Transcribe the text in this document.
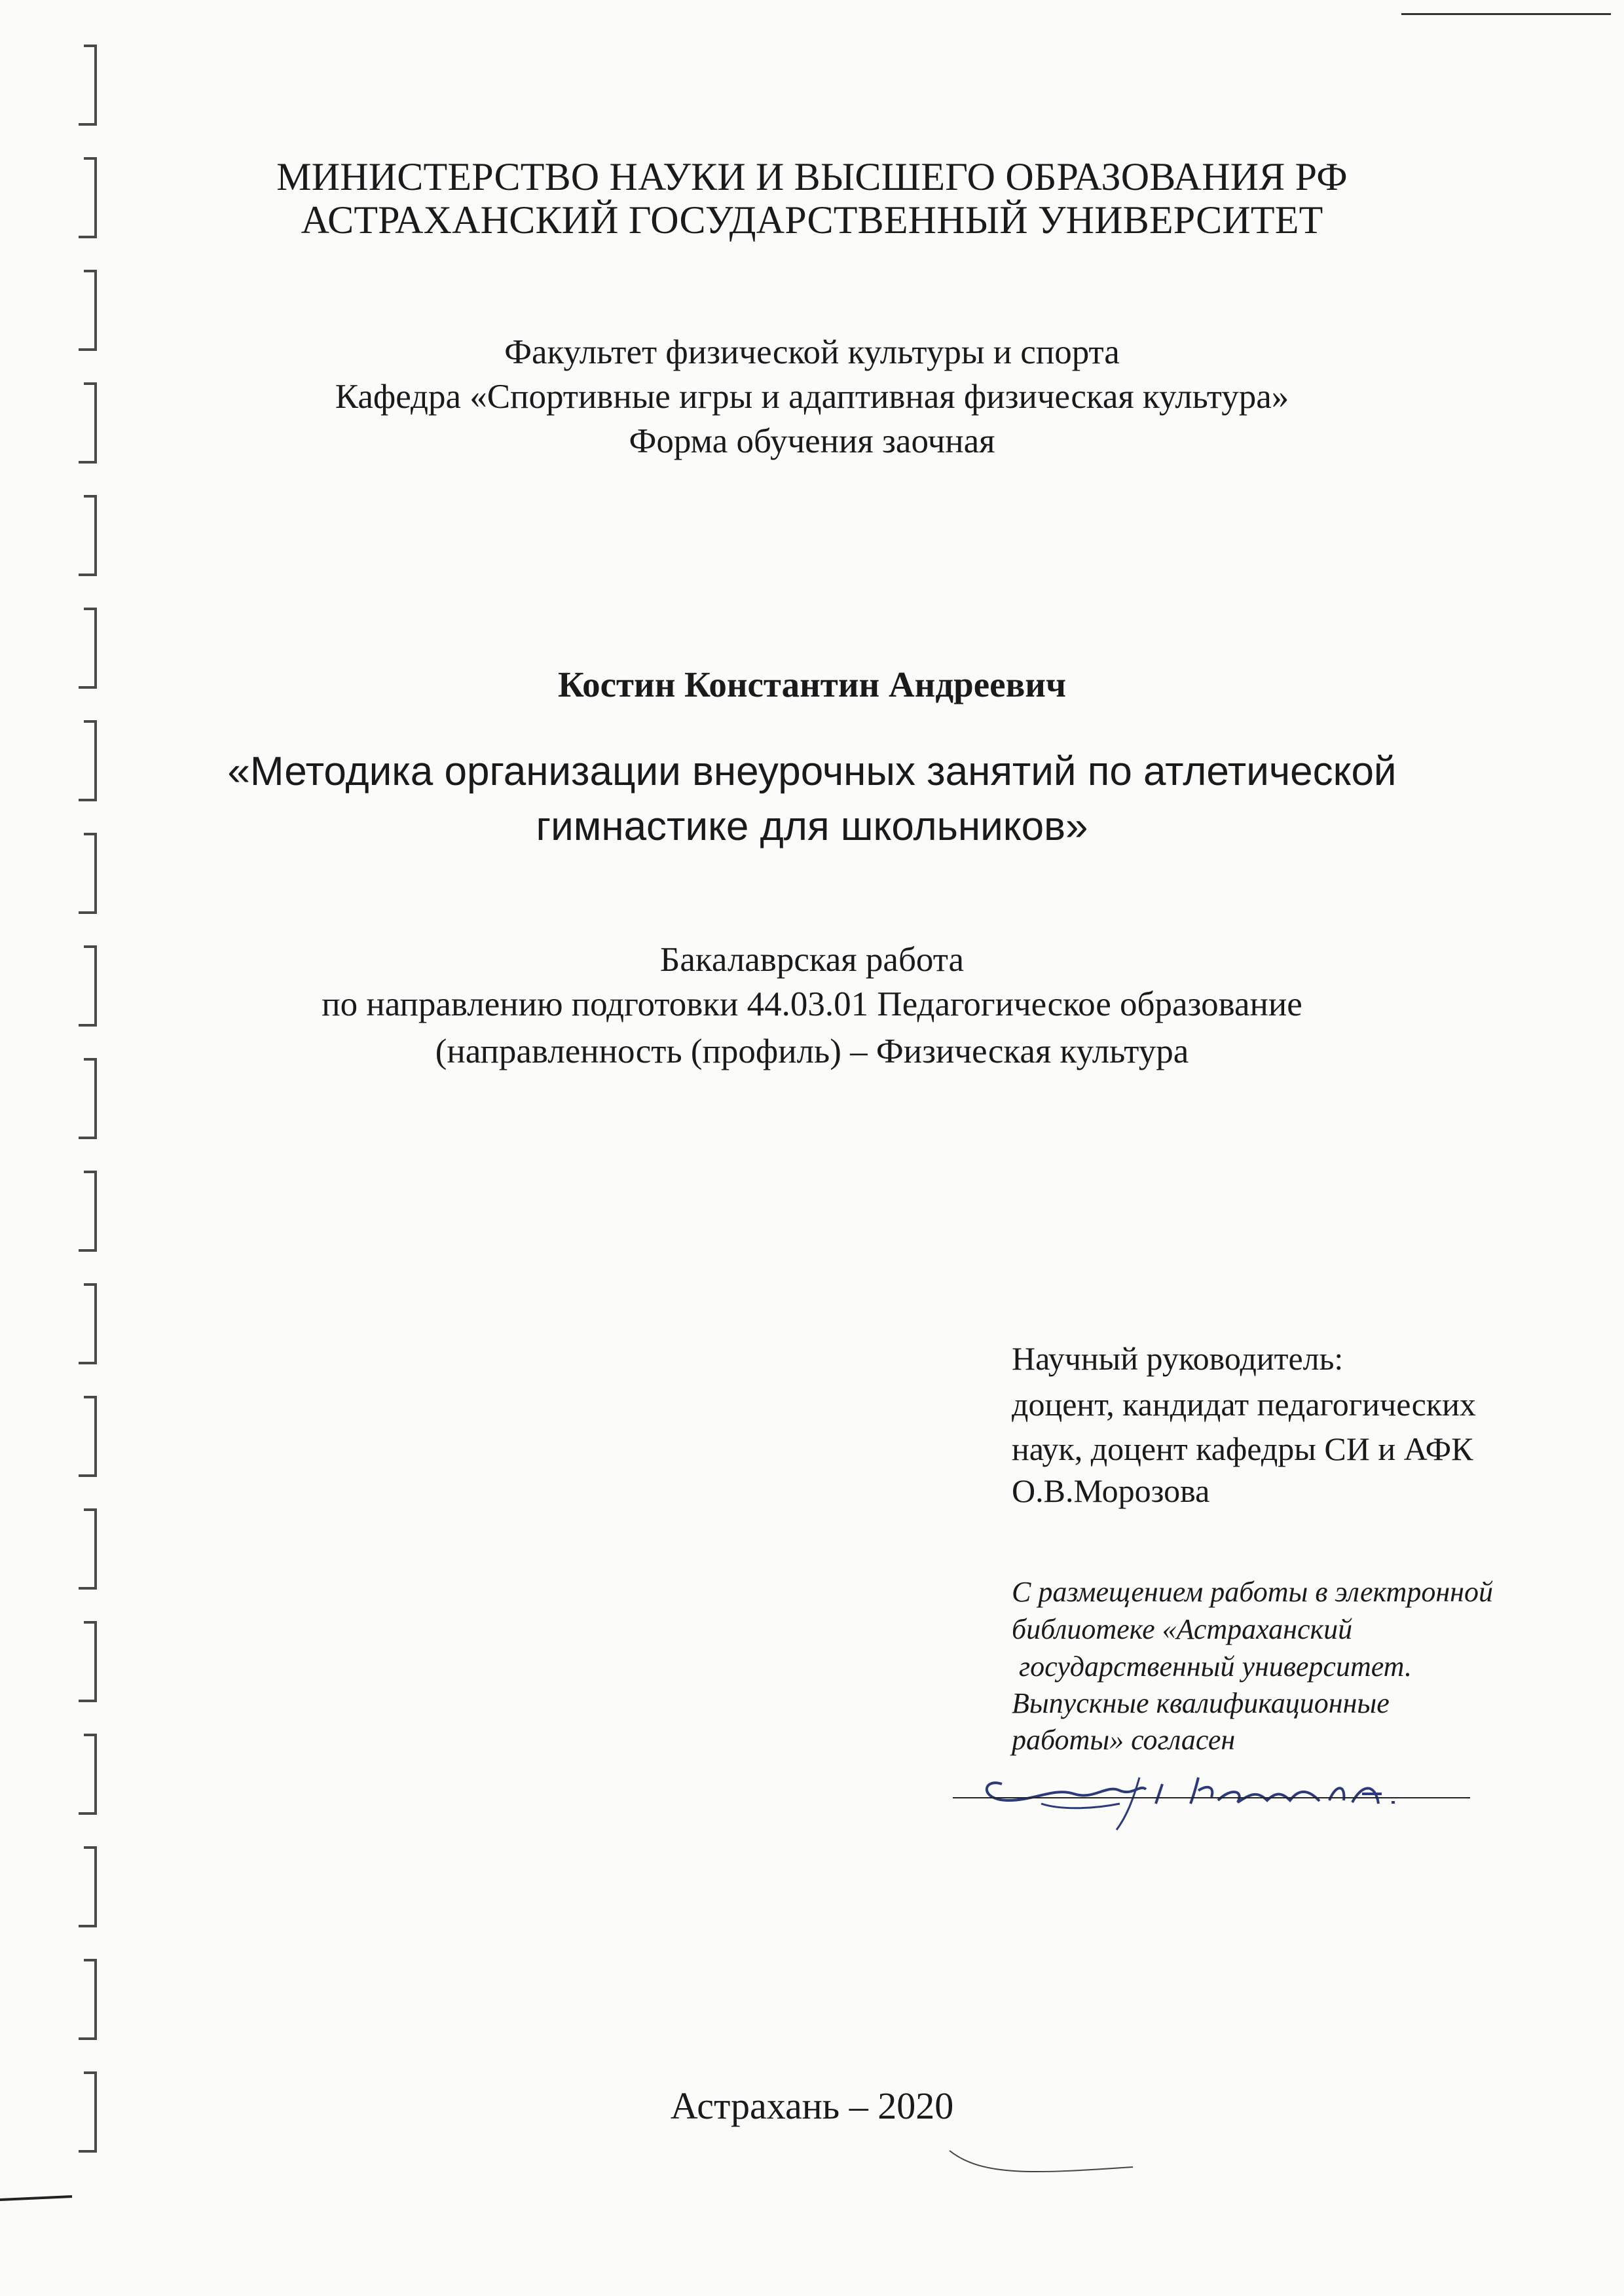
МИНИСТЕРСТВО НАУКИ И ВЫСШЕГО ОБРАЗОВАНИЯ РФ
АСТРАХАНСКИЙ ГОСУДАРСТВЕННЫЙ УНИВЕРСИТЕТ
Факультет физической культуры и спорта
Кафедра «Спортивные игры и адаптивная физическая культура»
Форма обучения заочная
Костин Константин Андреевич
«Методика организации внеурочных занятий по атлетической
гимнастике для школьников»
Бакалаврская работа
по направлению подготовки 44.03.01 Педагогическое образование
(направленность (профиль) – Физическая культура
Научный руководитель:
доцент, кандидат педагогических
наук, доцент кафедры СИ и АФК
О.В.Морозова
С размещением работы в электронной
библиотеке «Астраханский
государственный университет.
Выпускные квалификационные
работы» согласен
Астрахань – 2020
